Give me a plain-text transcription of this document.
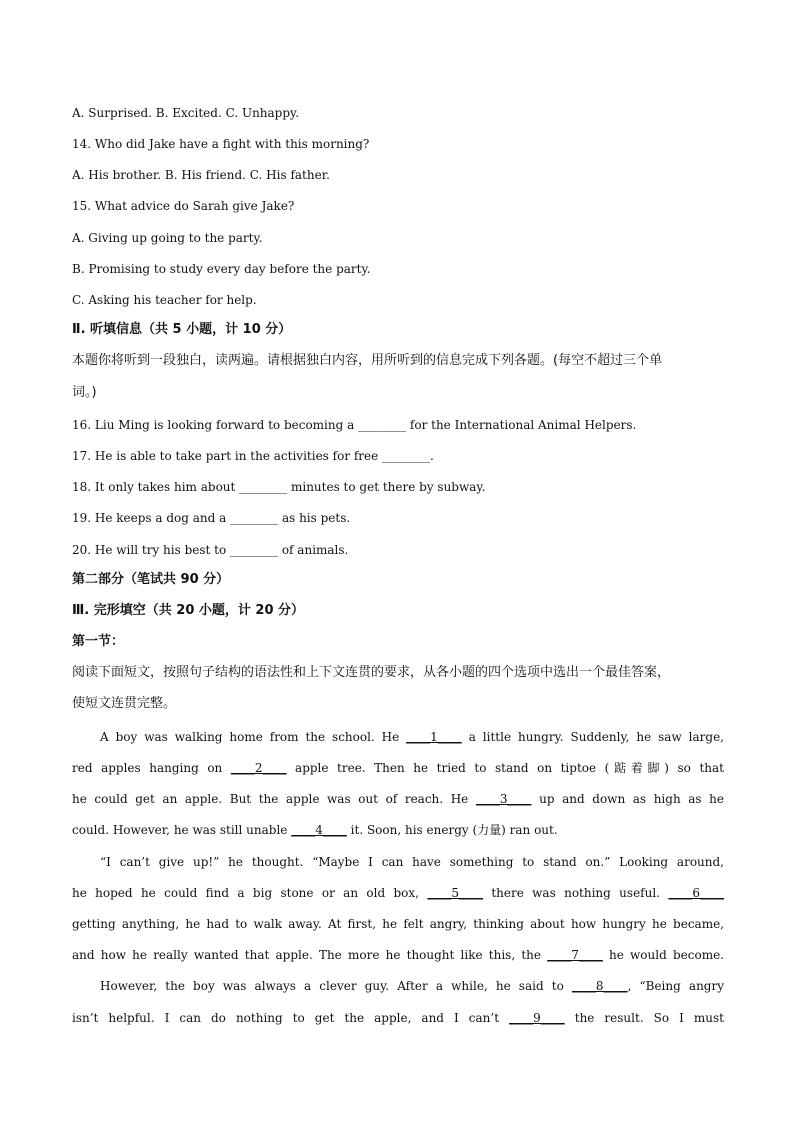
A. Surprised. B. Excited. C. Unhappy.
14. Who did Jake have a fight with this morning?
A. His brother. B. His friend. C. His father.
15. What advice do Sarah give Jake?
A. Giving up going to the party.
B. Promising to study every day before the party.
C. Asking his teacher for help.
Ⅱ. 听填信息（共 5 小题，计 10 分）
本题你将听到一段独白，读两遍。请根据独白内容，用所听到的信息完成下列各题。(每空不超过三个单
词。)
16. Liu Ming is looking forward to becoming a ________ for the International Animal Helpers.
17. He is able to take part in the activities for free ________.
18. It only takes him about ________ minutes to get there by subway.
19. He keeps a dog and a ________ as his pets.
20. He will try his best to ________ of animals.
第二部分（笔试共 90 分）
Ⅲ. 完形填空（共 20 小题，计 20 分）
第一节：
阅读下面短文，按照句子结构的语法性和上下文连贯的要求，从各小题的四个选项中选出一个最佳答案，
使短文连贯完整。
A boy was walking home from the school. He ____1____ a little hungry. Suddenly, he saw large,
red apples hanging on ____2____ apple tree. Then he tried to stand on tiptoe (踮着脚) so that
he could get an apple. But the apple was out of reach. He ____3____ up and down as high as he
could. However, he was still unable ____4____ it. Soon, his energy (力量) ran out.
“I can’t give up!” he thought. “Maybe I can have something to stand on.” Looking around,
he hoped he could find a big stone or an old box, ____5____ there was nothing useful. ____6____
getting anything, he had to walk away. At first, he felt angry, thinking about how hungry he became,
and how he really wanted that apple. The more he thought like this, the ____7____ he would become.
However, the boy was always a clever guy. After a while, he said to ____8____, “Being angry
isn’t helpful. I can do nothing to get the apple, and I can’t ____9____ the result. So I must
